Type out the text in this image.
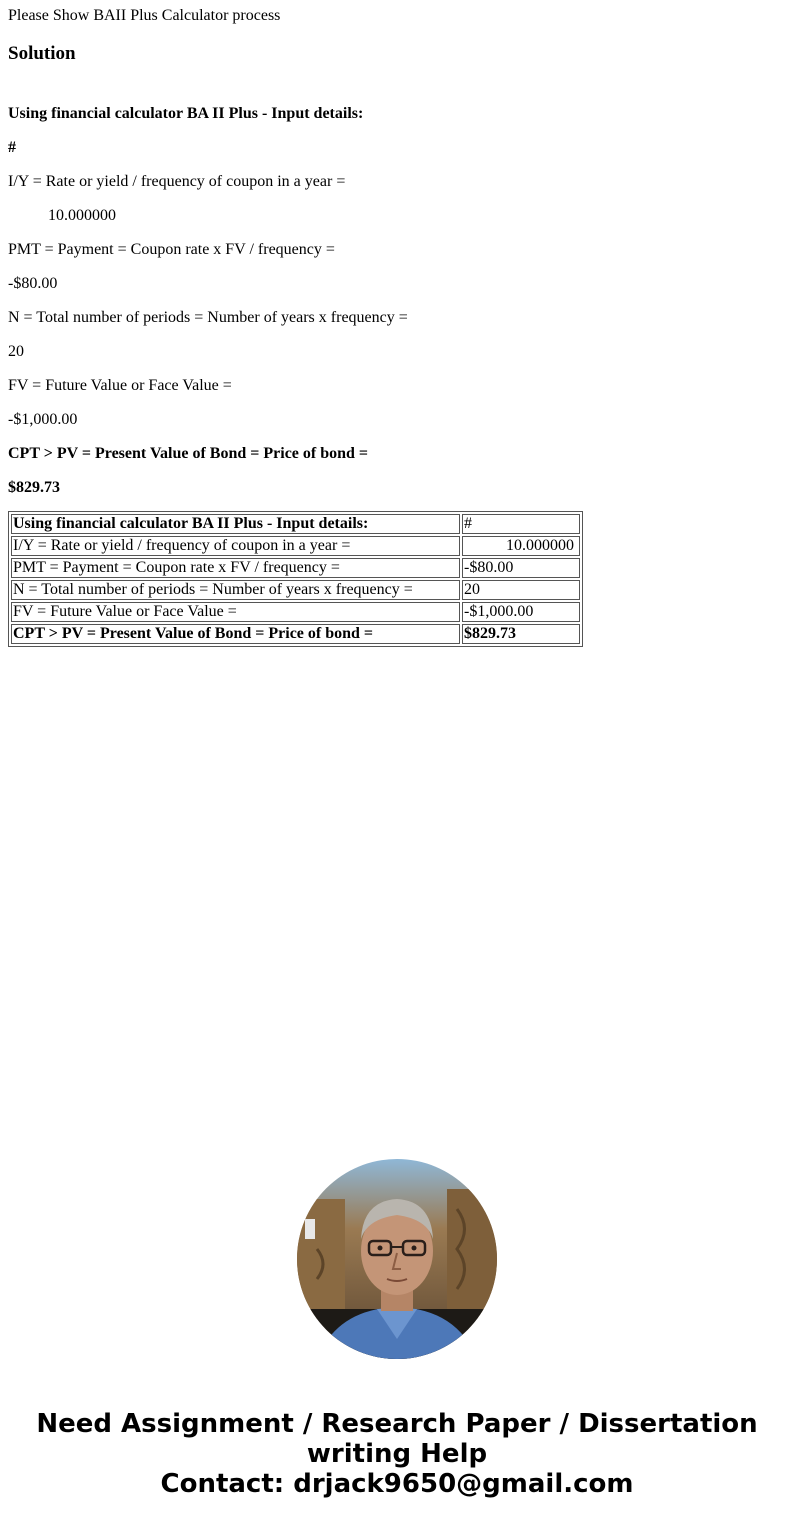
Please Show BAII Plus Calculator process

Solution

Using financial calculator BA II Plus - Input details:

#

I/Y = Rate or yield / frequency of coupon in a year =

10.000000

PMT = Payment = Coupon rate x FV / frequency =

-$80.00

N = Total number of periods = Number of years x frequency =

20

FV = Future Value or Face Value =

-$1,000.00

CPT > PV = Present Value of Bond = Price of bond =

$829.73

Using financial calculator BA II Plus - Input details:	#
I/Y = Rate or yield / frequency of coupon in a year =	10.000000
PMT = Payment = Coupon rate x FV / frequency =	-$80.00
N = Total number of periods = Number of years x frequency =	20
FV = Future Value or Face Value =	-$1,000.00
CPT > PV = Present Value of Bond = Price of bond =	$829.73
Need Assignment / Research Paper / Dissertation
writing Help
Contact: drjack9650@gmail.com
